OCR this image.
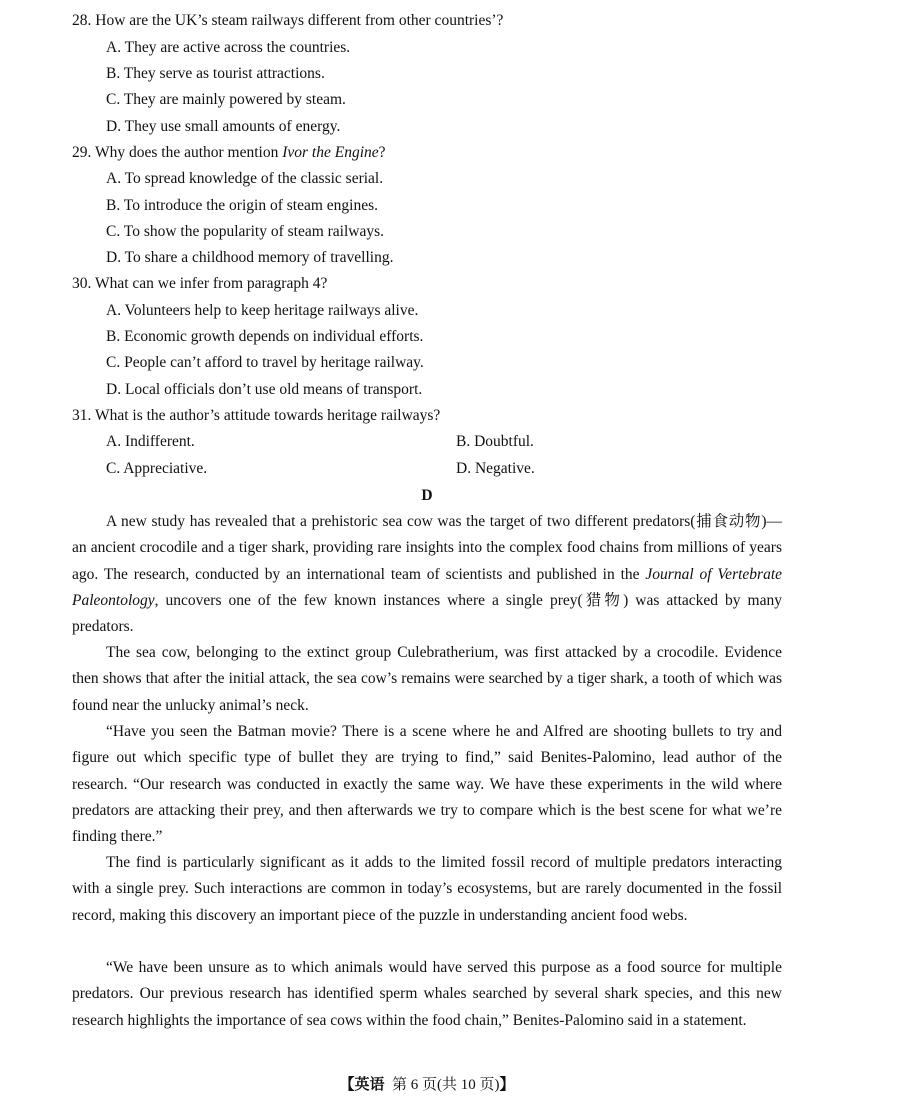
28. How are the UK’s steam railways different from other countries’?
A. They are active across the countries.
B. They serve as tourist attractions.
C. They are mainly powered by steam.
D. They use small amounts of energy.
29. Why does the author mention Ivor the Engine?
A. To spread knowledge of the classic serial.
B. To introduce the origin of steam engines.
C. To show the popularity of steam railways.
D. To share a childhood memory of travelling.
30. What can we infer from paragraph 4?
A. Volunteers help to keep heritage railways alive.
B. Economic growth depends on individual efforts.
C. People can’t afford to travel by heritage railway.
D. Local officials don’t use old means of transport.
31. What is the author’s attitude towards heritage railways?
A. Indifferent.	B. Doubtful.
C. Appreciative.	D. Negative.
D
A new study has revealed that a prehistoric sea cow was the target of two different predators(捕食动物)— an ancient crocodile and a tiger shark, providing rare insights into the complex food chains from millions of years ago. The research, conducted by an international team of scientists and published in the Journal of Vertebrate Paleontology, uncovers one of the few known instances where a single prey(猎物) was attacked by many predators.
The sea cow, belonging to the extinct group Culebratherium, was first attacked by a crocodile. Evidence then shows that after the initial attack, the sea cow’s remains were searched by a tiger shark, a tooth of which was found near the unlucky animal’s neck.
“Have you seen the Batman movie? There is a scene where he and Alfred are shooting bullets to try and figure out which specific type of bullet they are trying to find,” said Benites-Palomino, lead author of the research. “Our research was conducted in exactly the same way. We have these experiments in the wild where predators are attacking their prey, and then afterwards we try to compare which is the best scene for what we’re finding there.”
The find is particularly significant as it adds to the limited fossil record of multiple predators interacting with a single prey. Such interactions are common in today’s ecosystems, but are rarely documented in the fossil record, making this discovery an important piece of the puzzle in understanding ancient food webs.
“We have been unsure as to which animals would have served this purpose as a food source for multiple predators. Our previous research has identified sperm whales searched by several shark species, and this new research highlights the importance of sea cows within the food chain,” Benites-Palomino said in a statement.
【英语 第 6 页(共 10 页)】
